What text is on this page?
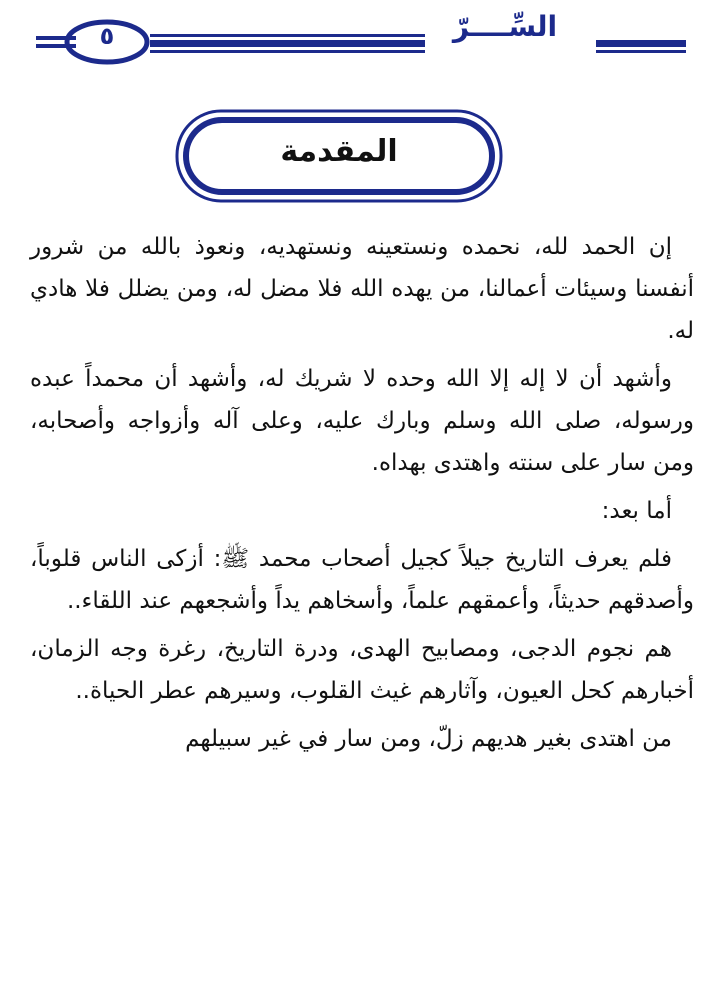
السِّــــرّ
٥
المقدمة

إن الحمد لله، نحمده ونستعينه ونستهديه، ونعوذ بالله من شرور أنفسنا وسيئات أعمالنا، من يهده الله فلا مضل له، ومن يضلل فلا هادي له.

وأشهد أن لا إله إلا الله وحده لا شريك له، وأشهد أن محمداً عبده ورسوله، صلى الله وسلم وبارك عليه، وعلى آله وأزواجه وأصحابه، ومن سار على سنته واهتدى بهداه.

أما بعد:

فلم يعرف التاريخ جيلاً كجيل أصحاب محمد ﷺ: أزكى الناس قلوباً، وأصدقهم حديثاً، وأعمقهم علماً، وأسخاهم يداً وأشجعهم عند اللقاء..

هم نجوم الدجى، ومصابيح الهدى، ودرة التاريخ، رغرة وجه الزمان، أخبارهم كحل العيون، وآثارهم غيث القلوب، وسيرهم عطر الحياة..

من اهتدى بغير هديهم زلّ، ومن سار في غير سبيلهم
